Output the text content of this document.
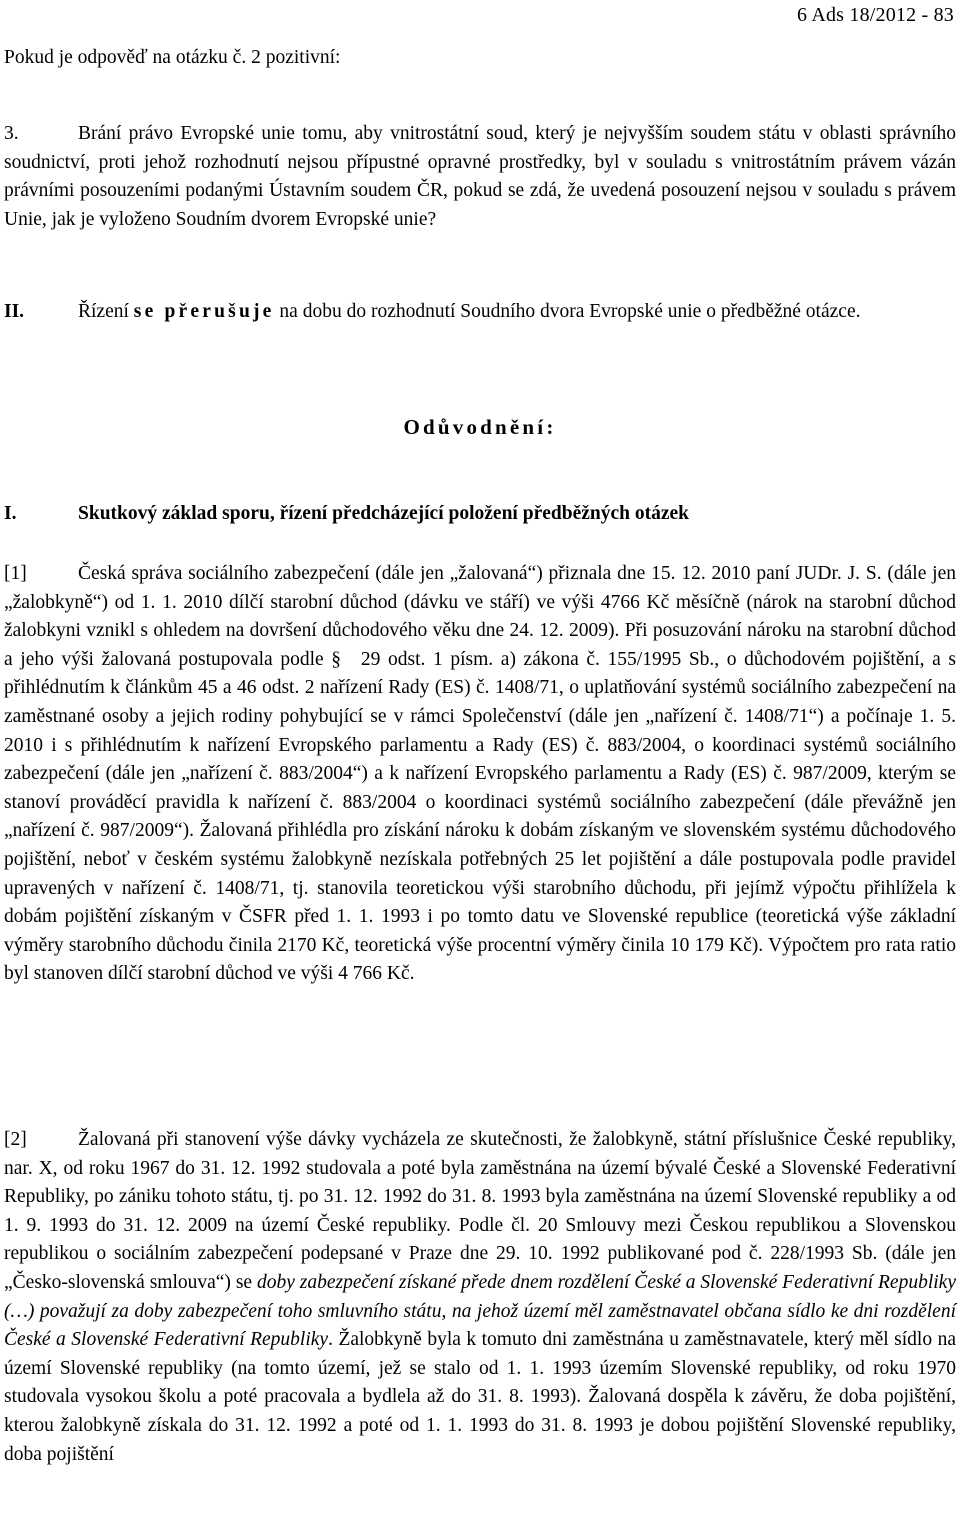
6 Ads 18/2012 - 83

Pokud je odpověď na otázku č. 2 pozitivní:

3.	Brání právo Evropské unie tomu, aby vnitrostátní soud, který je nejvyšším soudem státu v oblasti správního soudnictví, proti jehož rozhodnutí nejsou přípustné opravné prostředky, byl v souladu s vnitrostátním právem vázán právními posouzeními podanými Ústavním soudem ČR, pokud se zdá, že uvedená posouzení nejsou v souladu s právem Unie, jak je vyloženo Soudním dvorem Evropské unie?

II.	Řízení se přerušuje na dobu do rozhodnutí Soudního dvora Evropské unie o předběžné otázce.

Odůvodnění:
I.	Skutkový základ sporu, řízení předcházející položení předběžných otázek

[1]	Česká správa sociálního zabezpečení (dále jen „žalovaná“) přiznala dne 15. 12. 2010 paní JUDr. J. S. (dále jen „žalobkyně“) od 1. 1. 2010 dílčí starobní důchod (dávku ve stáří) ve výši 4766 Kč měsíčně (nárok na starobní důchod žalobkyni vznikl s ohledem na dovršení důchodového věku dne 24. 12. 2009). Při posuzování nároku na starobní důchod a jeho výši žalovaná postupovala podle § 29 odst. 1 písm. a) zákona č. 155/1995 Sb., o důchodovém pojištění, a s přihlédnutím k článkům 45 a 46 odst. 2 nařízení Rady (ES) č. 1408/71, o uplatňování systémů sociálního zabezpečení na zaměstnané osoby a jejich rodiny pohybující se v rámci Společenství (dále jen „nařízení č. 1408/71“) a počínaje 1. 5. 2010 i s přihlédnutím k nařízení Evropského parlamentu a Rady (ES) č. 883/2004, o koordinaci systémů sociálního zabezpečení (dále jen „nařízení č. 883/2004“) a k nařízení Evropského parlamentu a Rady (ES) č. 987/2009, kterým se stanoví prováděcí pravidla k nařízení č. 883/2004 o koordinaci systémů sociálního zabezpečení (dále převážně jen „nařízení č. 987/2009“). Žalovaná přihlédla pro získání nároku k dobám získaným ve slovenském systému důchodového pojištění, neboť v českém systému žalobkyně nezískala potřebných 25 let pojištění a dále postupovala podle pravidel upravených v nařízení č. 1408/71, tj. stanovila teoretickou výši starobního důchodu, při jejímž výpočtu přihlížela k dobám pojištění získaným v ČSFR před 1. 1. 1993 i po tomto datu ve Slovenské republice (teoretická výše základní výměry starobního důchodu činila 2170 Kč, teoretická výše procentní výměry činila 10 179 Kč). Výpočtem pro rata ratio byl stanoven dílčí starobní důchod ve výši 4 766 Kč.

[2]	Žalovaná při stanovení výše dávky vycházela ze skutečnosti, že žalobkyně, státní příslušnice České republiky, nar. X, od roku 1967 do 31. 12. 1992 studovala a poté byla zaměstnána na území bývalé České a Slovenské Federativní Republiky, po zániku tohoto státu, tj. po 31. 12. 1992 do 31. 8. 1993 byla zaměstnána na území Slovenské republiky a od 1. 9. 1993 do 31. 12. 2009 na území České republiky. Podle čl. 20 Smlouvy mezi Českou republikou a Slovenskou republikou o sociálním zabezpečení podepsané v Praze dne 29. 10. 1992 publikované pod č. 228/1993 Sb. (dále jen „Česko-slovenská smlouva“) se doby zabezpečení získané přede dnem rozdělení České a Slovenské Federativní Republiky (…) považují za doby zabezpečení toho smluvního státu, na jehož území měl zaměstnavatel občana sídlo ke dni rozdělení České a Slovenské Federativní Republiky. Žalobkyně byla k tomuto dni zaměstnána u zaměstnavatele, který měl sídlo na území Slovenské republiky (na tomto území, jež se stalo od 1. 1. 1993 územím Slovenské republiky, od roku 1970 studovala vysokou školu a poté pracovala a bydlela až do 31. 8. 1993). Žalovaná dospěla k závěru, že doba pojištění, kterou žalobkyně získala do 31. 12. 1992 a poté od 1. 1. 1993 do 31. 8. 1993 je dobou pojištění Slovenské republiky, doba pojištění
